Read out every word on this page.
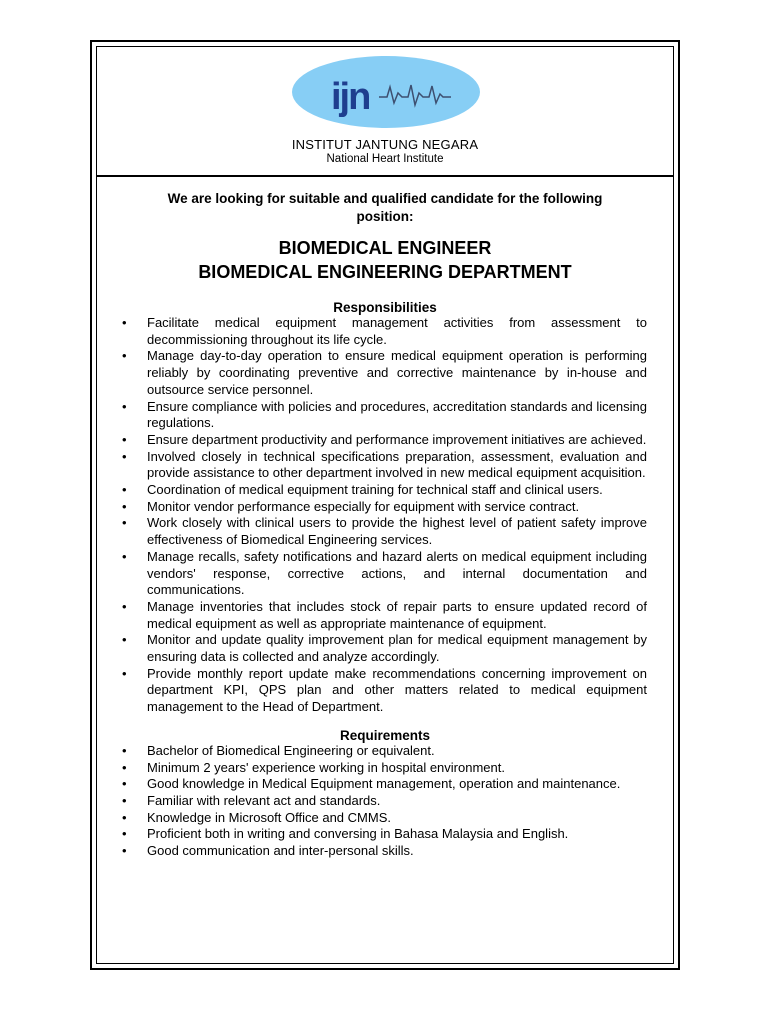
ijn
INSTITUT JANTUNG NEGARA
National Heart Institute
We are looking for suitable and qualified candidate for the following position:
BIOMEDICAL ENGINEER
BIOMEDICAL ENGINEERING DEPARTMENT
Responsibilities
• Facilitate medical equipment management activities from assessment to decommissioning throughout its life cycle.
• Manage day-to-day operation to ensure medical equipment operation is performing reliably by coordinating preventive and corrective maintenance by in-house and outsource service personnel.
• Ensure compliance with policies and procedures, accreditation standards and licensing regulations.
• Ensure department productivity and performance improvement initiatives are achieved.
• Involved closely in technical specifications preparation, assessment, evaluation and provide assistance to other department involved in new medical equipment acquisition.
• Coordination of medical equipment training for technical staff and clinical users.
• Monitor vendor performance especially for equipment with service contract.
• Work closely with clinical users to provide the highest level of patient safety improve effectiveness of Biomedical Engineering services.
• Manage recalls, safety notifications and hazard alerts on medical equipment including vendors' response, corrective actions, and internal documentation and communications.
• Manage inventories that includes stock of repair parts to ensure updated record of medical equipment as well as appropriate maintenance of equipment.
• Monitor and update quality improvement plan for medical equipment management by ensuring data is collected and analyze accordingly.
• Provide monthly report update make recommendations concerning improvement on department KPI, QPS plan and other matters related to medical equipment management to the Head of Department.
Requirements
• Bachelor of Biomedical Engineering or equivalent.
• Minimum 2 years' experience working in hospital environment.
• Good knowledge in Medical Equipment management, operation and maintenance.
• Familiar with relevant act and standards.
• Knowledge in Microsoft Office and CMMS.
• Proficient both in writing and conversing in Bahasa Malaysia and English.
• Good communication and inter-personal skills.
